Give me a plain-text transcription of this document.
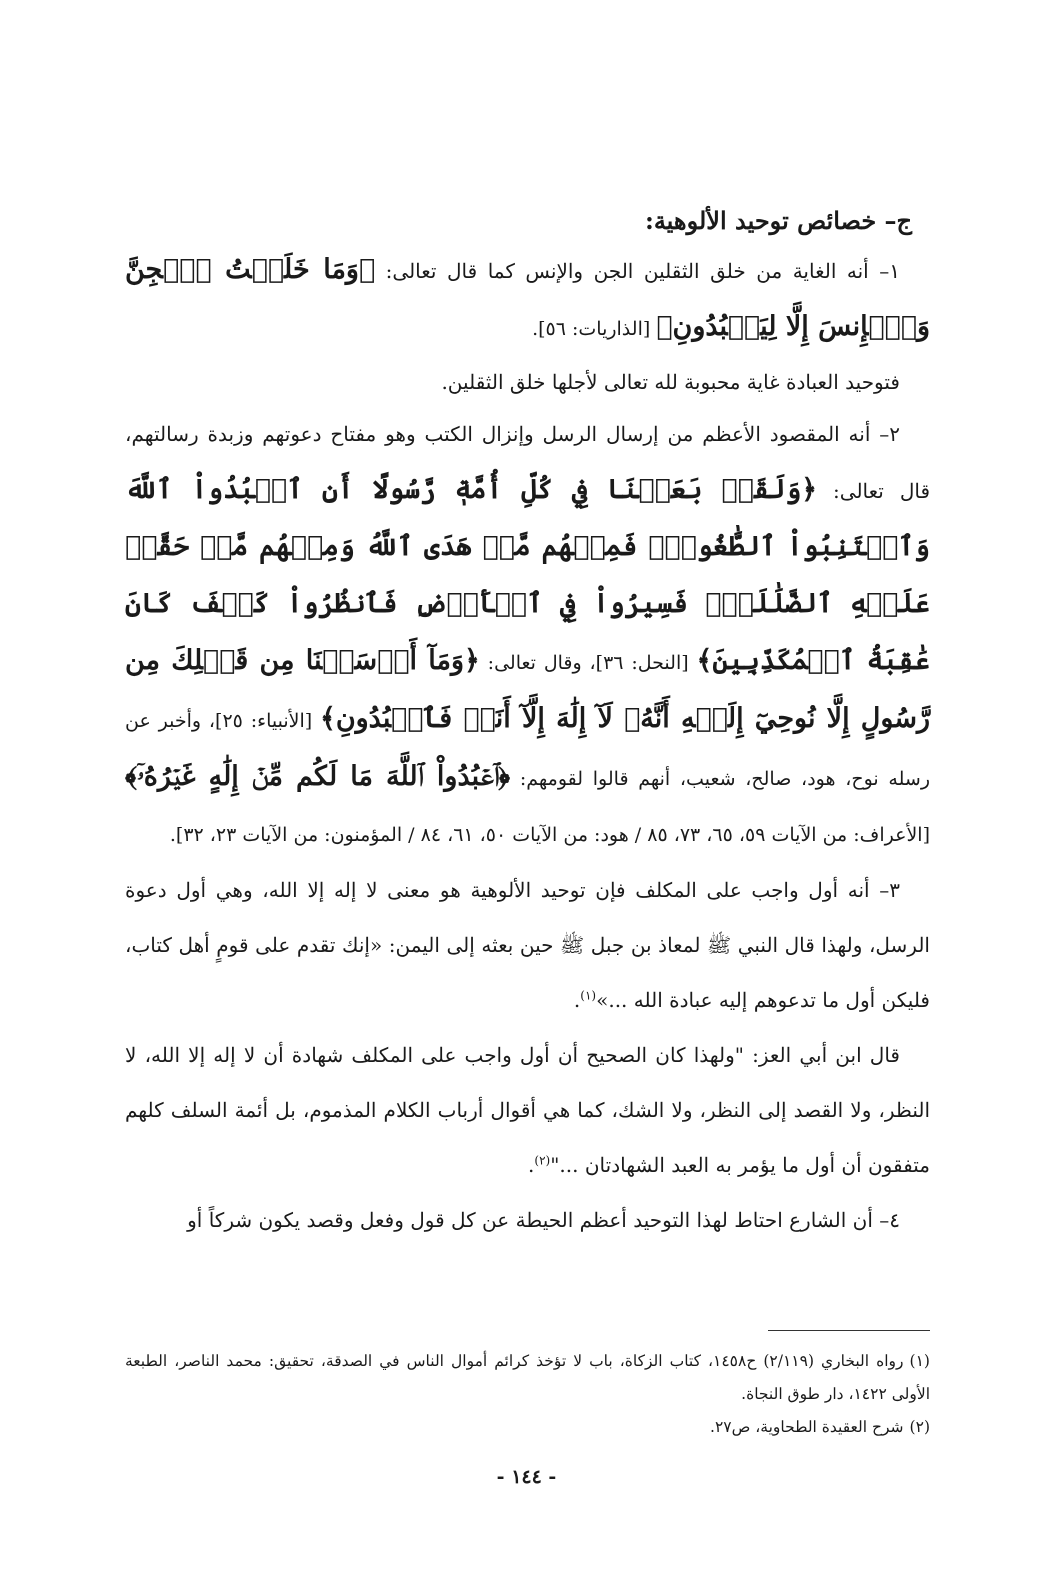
ج– خصائص توحيد الألوهية:

١– أنه الغاية من خلق الثقلين الجن والإنس كما قال تعالى: ﴿وَمَا خَلَقۡتُ ٱلۡجِنَّ وَٱلۡإِنسَ إِلَّا لِيَعۡبُدُونِ﴾ [الذاريات: ٥٦].

فتوحيد العبادة غاية محبوبة لله تعالى لأجلها خلق الثقلين.

٢– أنه المقصود الأعظم من إرسال الرسل وإنزال الكتب وهو مفتاح دعوتهم وزبدة رسالتهم، قال تعالى: ﴿وَلَقَدۡ بَعَثۡنَا فِي كُلِّ أُمَّةٖ رَّسُولًا أَنِ ٱعۡبُدُواْ ٱللَّهَ وَٱجۡتَنِبُواْ ٱلطَّٰغُوتَۖ فَمِنۡهُم مَّنۡ هَدَى ٱللَّهُ وَمِنۡهُم مَّنۡ حَقَّتۡ عَلَيۡهِ ٱلضَّلَٰلَةُۚ فَسِيرُواْ فِي ٱلۡأَرۡضِ فَٱنظُرُواْ كَيۡفَ كَانَ عَٰقِبَةُ ٱلۡمُكَذِّبِينَ﴾ [النحل: ٣٦]، وقال تعالى: ﴿وَمَآ أَرۡسَلۡنَا مِن قَبۡلِكَ مِن رَّسُولٍ إِلَّا نُوحِيٓ إِلَيۡهِ أَنَّهُۥ لَآ إِلَٰهَ إِلَّآ أَنَا۠ فَٱعۡبُدُونِ﴾ [الأنبياء: ٢٥]، وأخبر عن رسله نوح، هود، صالح، شعيب، أنهم قالوا لقومهم: ﴿ٱعۡبُدُواْ ٱللَّهَ مَا لَكُم مِّنۡ إِلَٰهٍ غَيۡرُهُۥٓ﴾ [الأعراف: من الآيات ٥٩، ٦٥، ٧٣، ٨٥ / هود: من الآيات ٥٠، ٦١، ٨٤ / المؤمنون: من الآيات ٢٣، ٣٢].

٣– أنه أول واجب على المكلف فإن توحيد الألوهية هو معنى لا إله إلا الله، وهي أول دعوة الرسل، ولهذا قال النبي ﷺ لمعاذ بن جبل ﷺ حين بعثه إلى اليمن: «إنك تقدم على قومٍ أهل كتاب، فليكن أول ما تدعوهم إليه عبادة الله ...»$^{(١)}$.

قال ابن أبي العز: "ولهذا كان الصحيح أن أول واجب على المكلف شهادة أن لا إله إلا الله، لا النظر، ولا القصد إلى النظر، ولا الشك، كما هي أقوال أرباب الكلام المذموم، بل أئمة السلف كلهم متفقون أن أول ما يؤمر به العبد الشهادتان ..."$^{(٢)}$.

٤– أن الشارع احتاط لهذا التوحيد أعظم الحيطة عن كل قول وفعل وقصد يكون شركاً أو

(١)رواه البخاري (٢/١١٩) ح١٤٥٨، كتاب الزكاة، باب لا تؤخذ كرائم أموال الناس في الصدقة، تحقيق: محمد الناصر، الطبعة الأولى ١٤٢٢، دار طوق النجاة.

(٢)شرح العقيدة الطحاوية، ص٢٧.

- ١٤٤ -
